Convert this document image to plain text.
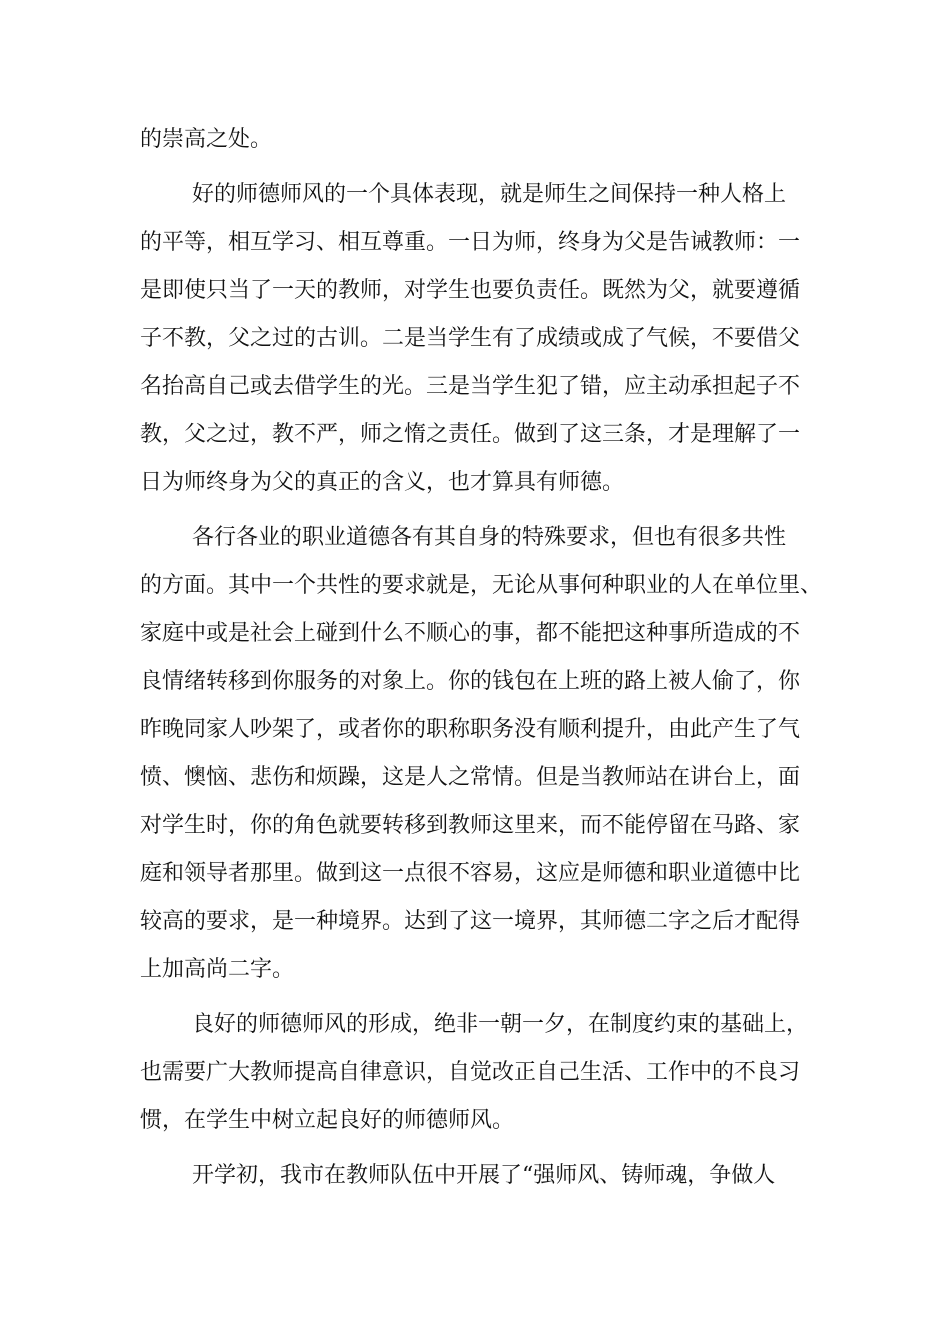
的崇高之处。
好的师德师风的一个具体表现，就是师生之间保持一种人格上
的平等，相互学习、相互尊重。一日为师，终身为父是告诫教师：一
是即使只当了一天的教师，对学生也要负责任。既然为父，就要遵循
子不教，父之过的古训。二是当学生有了成绩或成了气候，不要借父
名抬高自己或去借学生的光。三是当学生犯了错，应主动承担起子不
教，父之过，教不严，师之惰之责任。做到了这三条，才是理解了一
日为师终身为父的真正的含义，也才算具有师德。
各行各业的职业道德各有其自身的特殊要求，但也有很多共性
的方面。其中一个共性的要求就是，无论从事何种职业的人在单位里、
家庭中或是社会上碰到什么不顺心的事，都不能把这种事所造成的不
良情绪转移到你服务的对象上。你的钱包在上班的路上被人偷了，你
昨晚同家人吵架了，或者你的职称职务没有顺利提升，由此产生了气
愤、懊恼、悲伤和烦躁，这是人之常情。但是当教师站在讲台上，面
对学生时，你的角色就要转移到教师这里来，而不能停留在马路、家
庭和领导者那里。做到这一点很不容易，这应是师德和职业道德中比
较高的要求，是一种境界。达到了这一境界，其师德二字之后才配得
上加高尚二字。
良好的师德师风的形成，绝非一朝一夕，在制度约束的基础上，
也需要广大教师提高自律意识，自觉改正自己生活、工作中的不良习
惯，在学生中树立起良好的师德师风。
开学初，我市在教师队伍中开展了“强师风、铸师魂，争做人
